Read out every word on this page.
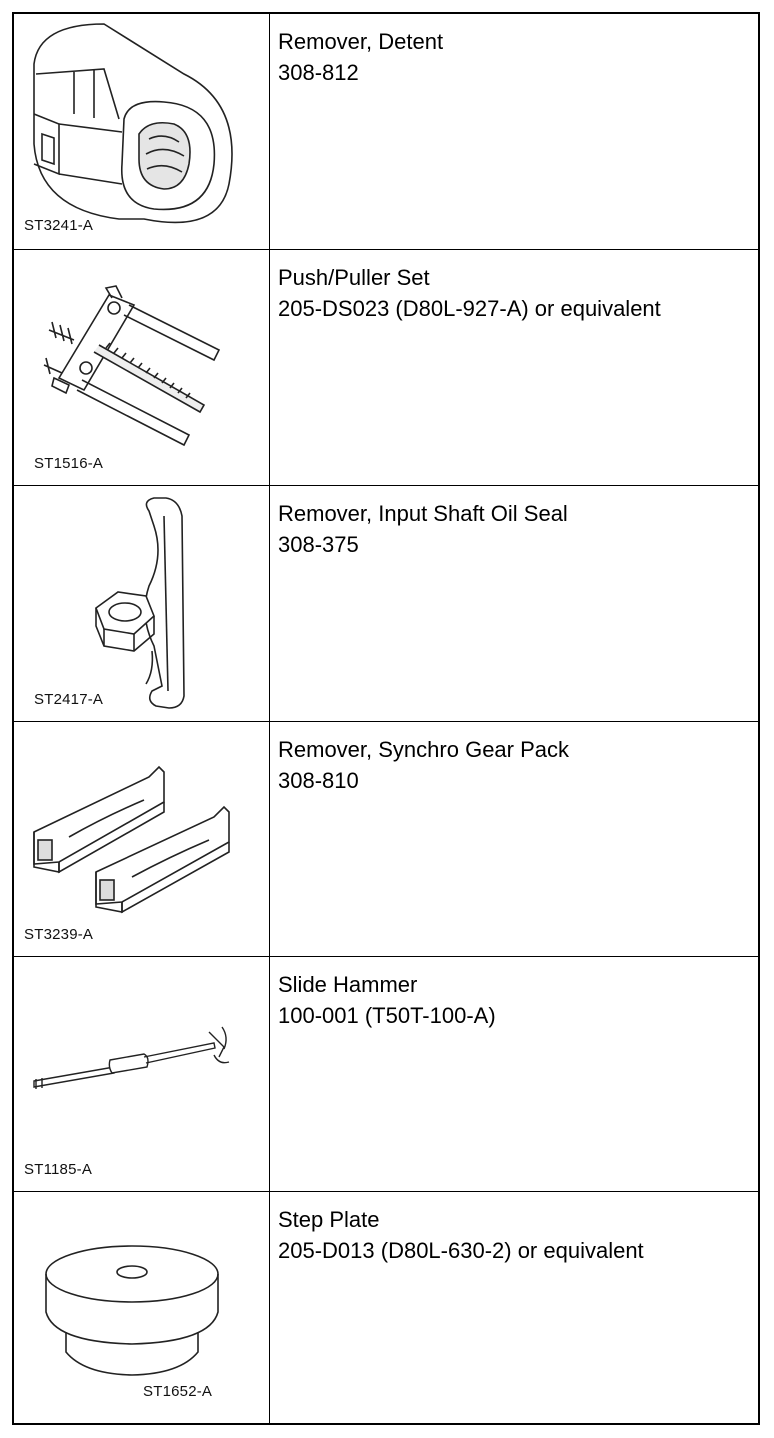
ST3241-A
Remover, Detent
308-812
ST1516-A
Push/Puller Set
205-DS023 (D80L-927-A) or equivalent
ST2417-A
Remover, Input Shaft Oil Seal
308-375
ST3239-A
Remover, Synchro Gear Pack
308-810
ST1185-A
Slide Hammer
100-001 (T50T-100-A)
ST1652-A
Step Plate
205-D013 (D80L-630-2) or equivalent
